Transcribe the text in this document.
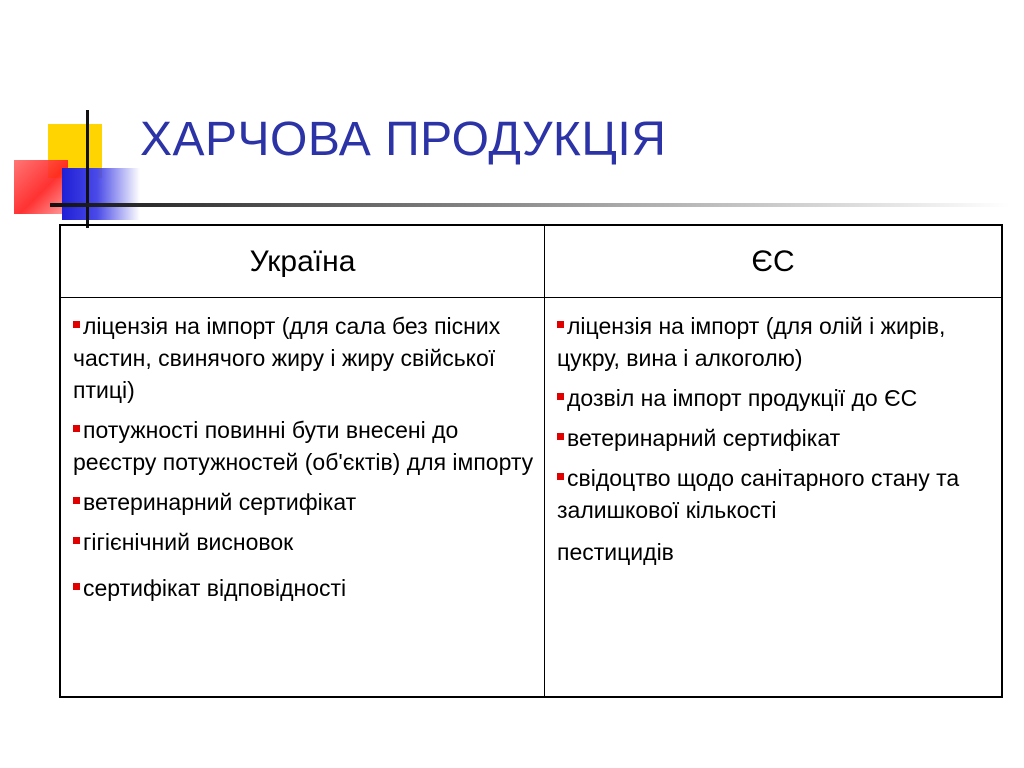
ХАРЧОВА ПРОДУКЦІЯ
Україна	ЄС
ліцензія на імпорт (для сала без пісних частин, свинячого жиру і жиру свійської птиці)
потужності повинні бути внесені до реєстру потужностей (об'єктів) для імпорту
ветеринарний сертифікат
гігієнічний висновок
сертифікат відповідності
ліцензія на імпорт (для олій і жирів, цукру, вина і алкоголю)
дозвіл на імпорт продукції до ЄС
ветеринарний сертифікат
свідоцтво щодо санітарного стану та залишкової кількості
пестицидів
